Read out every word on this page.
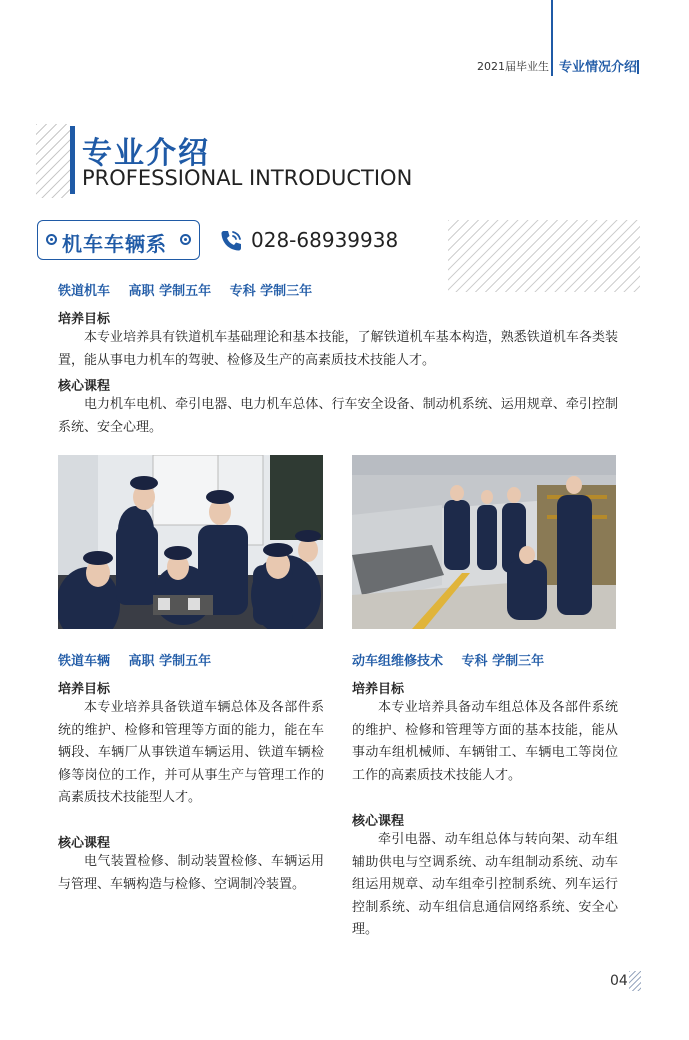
2021届毕业生 专业情况介绍
专业介绍
PROFESSIONAL INTRODUCTION
机车车辆系	028-68939938
铁道机车 高职 学制五年 专科 学制三年
培养目标
本专业培养具有铁道机车基础理论和基本技能，了解铁道机车基本构造，熟悉铁道机车各类装置，能从事电力机车的驾驶、检修及生产的高素质技术技能人才。
核心课程
电力机车电机、牵引电器、电力机车总体、行车安全设备、制动机系统、运用规章、牵引控制系统、安全心理。
铁道车辆 高职 学制五年
培养目标
本专业培养具备铁道车辆总体及各部件系统的维护、检修和管理等方面的能力，能在车辆段、车辆厂从事铁道车辆运用、铁道车辆检修等岗位的工作，并可从事生产与管理工作的高素质技术技能型人才。
核心课程
电气装置检修、制动装置检修、车辆运用与管理、车辆构造与检修、空调制冷装置。
动车组维修技术 专科 学制三年
培养目标
本专业培养具备动车组总体及各部件系统的维护、检修和管理等方面的基本技能，能从事动车组机械师、车辆钳工、车辆电工等岗位工作的高素质技术技能人才。
核心课程
牵引电器、动车组总体与转向架、动车组辅助供电与空调系统、动车组制动系统、动车组运用规章、动车组牵引控制系统、列车运行控制系统、动车组信息通信网络系统、安全心理。
04
